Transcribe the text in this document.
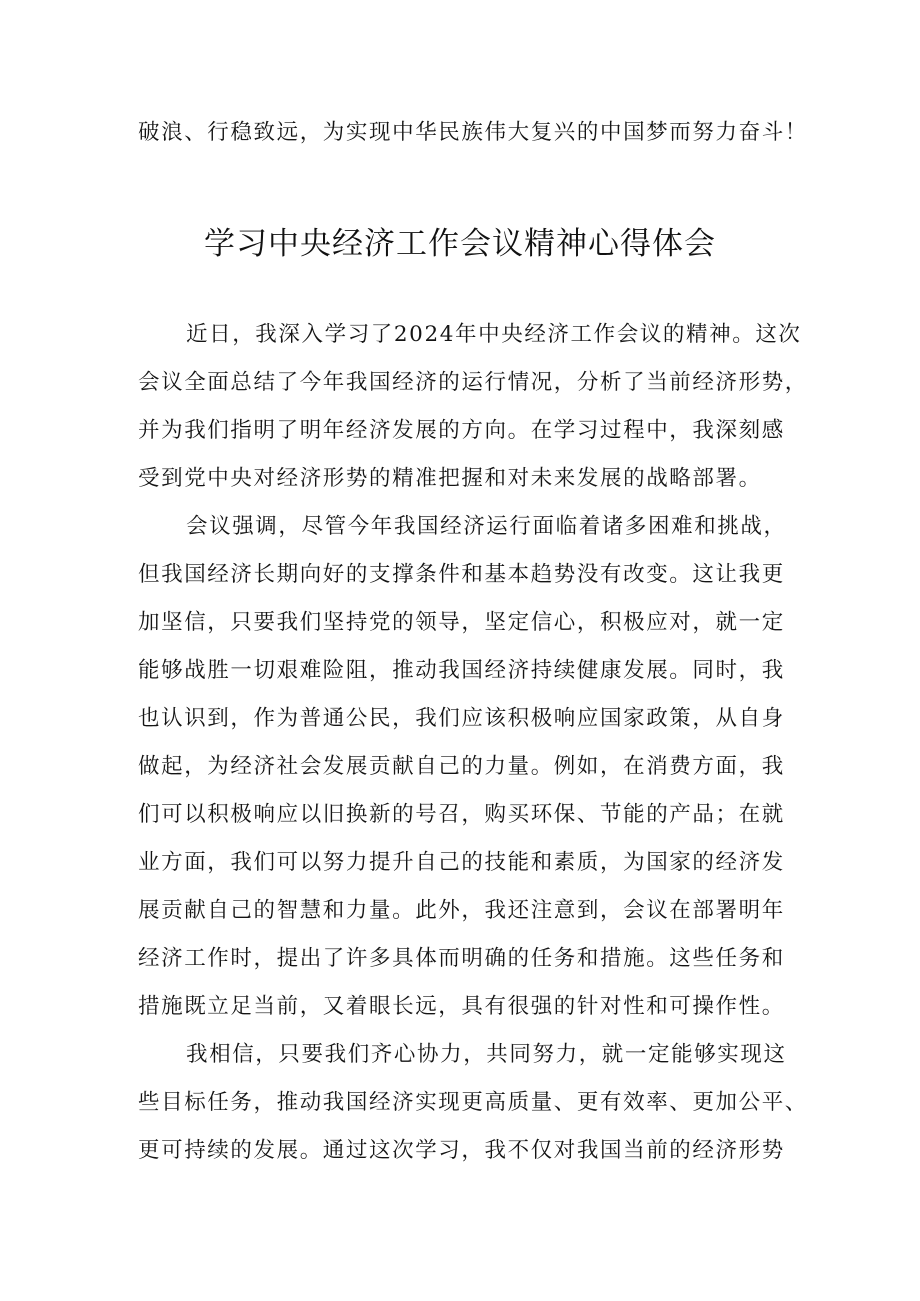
破浪、行稳致远，为实现中华民族伟大复兴的中国梦而努力奋斗！
学习中央经济工作会议精神心得体会
近日，我深入学习了2024年中央经济工作会议的精神。这次
会议全面总结了今年我国经济的运行情况，分析了当前经济形势，
并为我们指明了明年经济发展的方向。在学习过程中，我深刻感
受到党中央对经济形势的精准把握和对未来发展的战略部署。
会议强调，尽管今年我国经济运行面临着诸多困难和挑战，
但我国经济长期向好的支撑条件和基本趋势没有改变。这让我更
加坚信，只要我们坚持党的领导，坚定信心，积极应对，就一定
能够战胜一切艰难险阻，推动我国经济持续健康发展。同时，我
也认识到，作为普通公民，我们应该积极响应国家政策，从自身
做起，为经济社会发展贡献自己的力量。例如，在消费方面，我
们可以积极响应以旧换新的号召，购买环保、节能的产品；在就
业方面，我们可以努力提升自己的技能和素质，为国家的经济发
展贡献自己的智慧和力量。此外，我还注意到，会议在部署明年
经济工作时，提出了许多具体而明确的任务和措施。这些任务和
措施既立足当前，又着眼长远，具有很强的针对性和可操作性。
我相信，只要我们齐心协力，共同努力，就一定能够实现这
些目标任务，推动我国经济实现更高质量、更有效率、更加公平、
更可持续的发展。通过这次学习，我不仅对我国当前的经济形势
